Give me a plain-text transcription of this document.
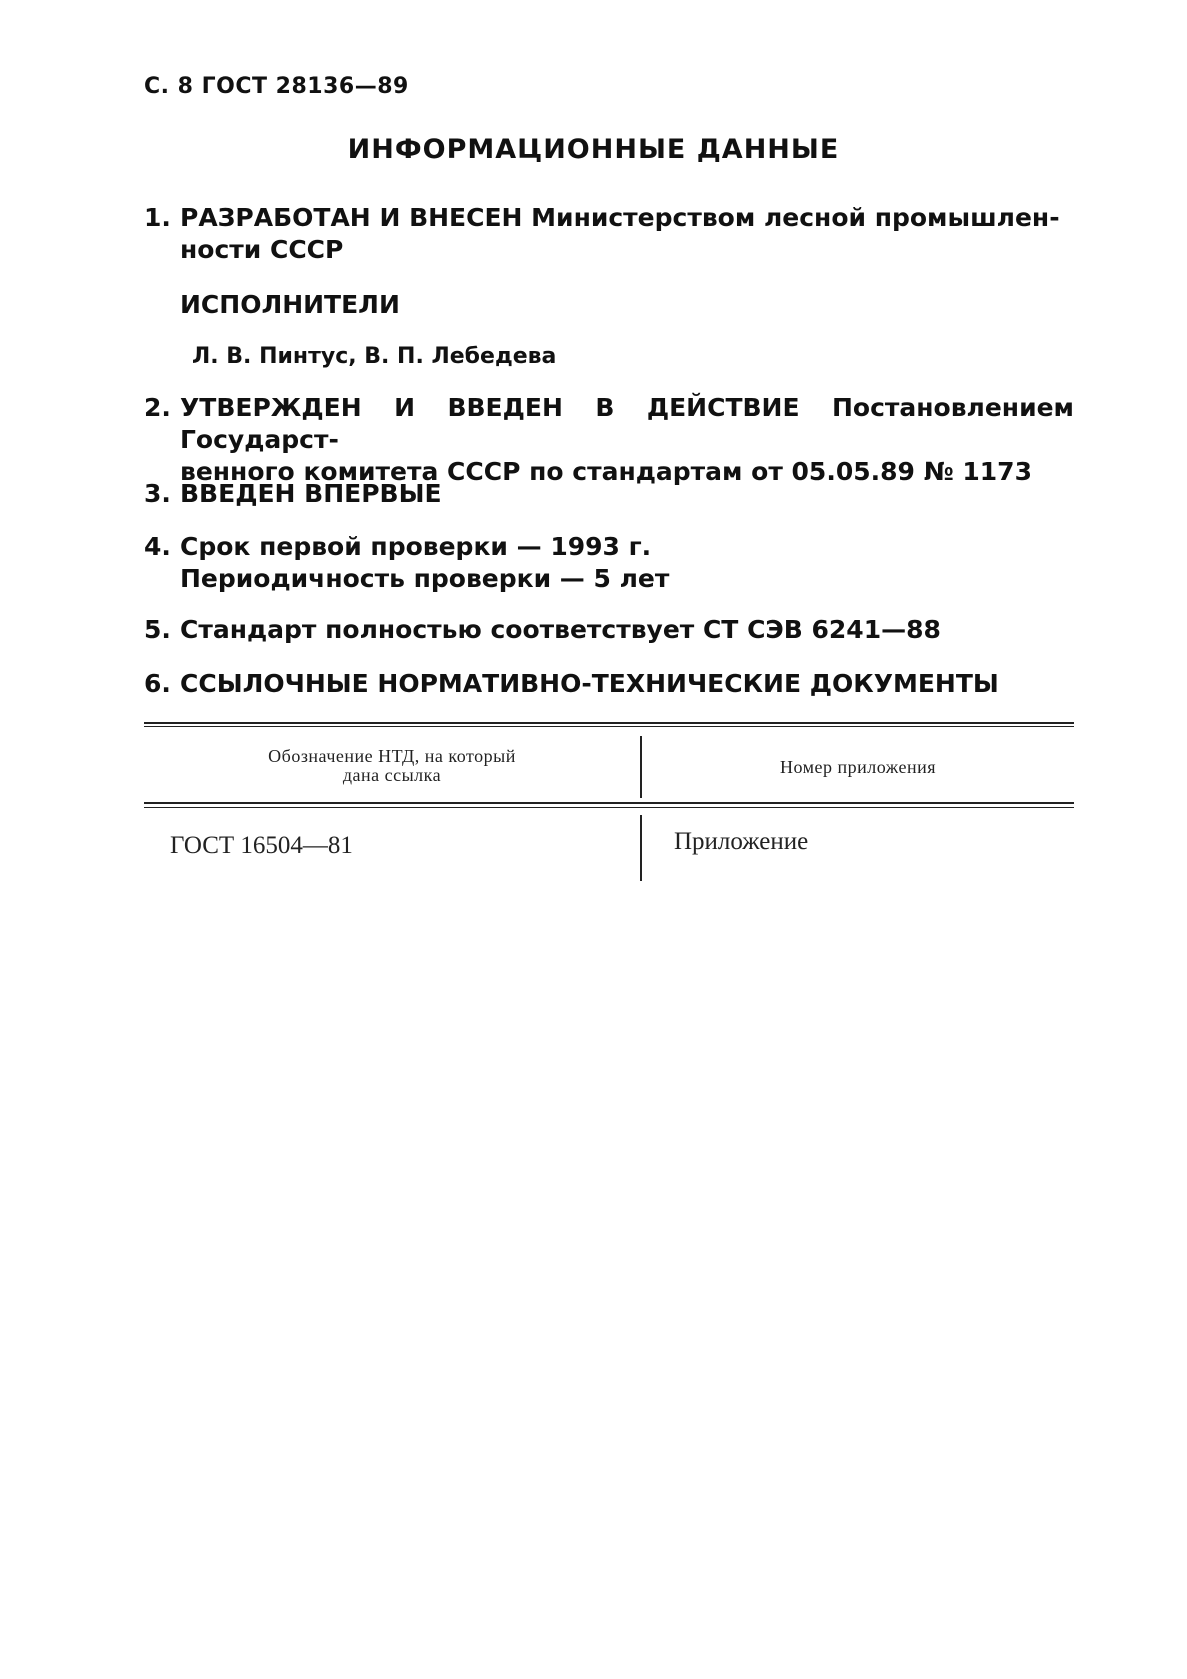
С. 8 ГОСТ 28136—89
ИНФОРМАЦИОННЫЕ ДАННЫЕ
1. РАЗРАБОТАН И ВНЕСЕН Министерством лесной промышлен-
ности СССР
ИСПОЛНИТЕЛИ
Л. В. Пинтус, В. П. Лебедева
2. УТВЕРЖДЕН И ВВЕДЕН В ДЕЙСТВИЕ Постановлением Государст-
венного комитета СССР по стандартам от 05.05.89 № 1173
3. ВВЕДЕН ВПЕРВЫЕ
4. Срок первой проверки — 1993 г.
Периодичность проверки — 5 лет
5. Стандарт полностью соответствует СТ СЭВ 6241—88
6. ССЫЛОЧНЫЕ НОРМАТИВНО-ТЕХНИЧЕСКИЕ ДОКУМЕНТЫ
Обозначение НТД, на который
дана ссылка	Номер приложения
ГОСТ 16504—81	Приложение
